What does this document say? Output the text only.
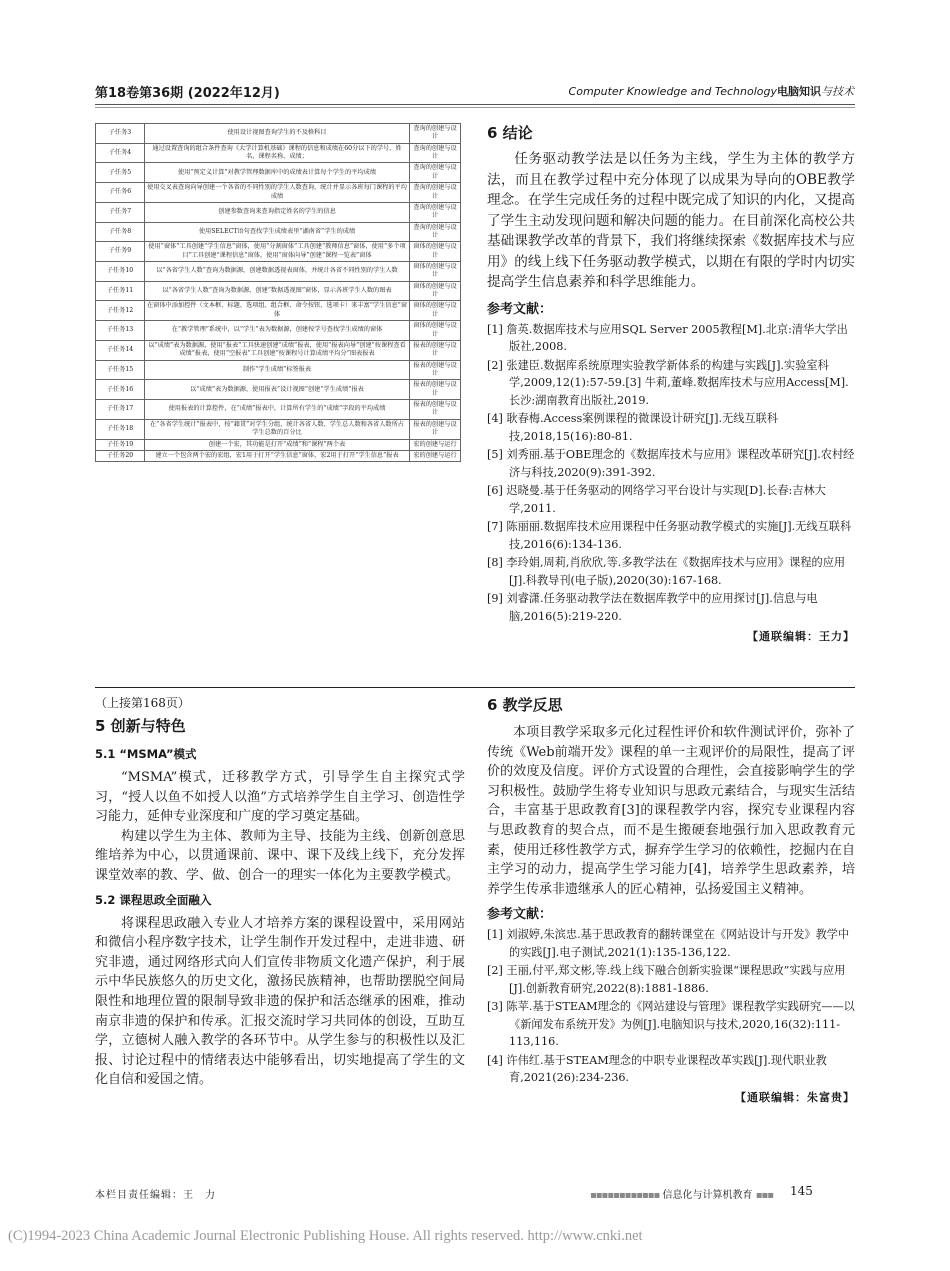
第18卷第36期 (2022年12月)	Computer Knowledge and Technology电脑知识与技术
子任务3	使用设计视图查询学生的不及格科目	查询的创建与设计
子任务4	通过设置查询的组合条件查询《大学计算机基础》课程的信息和成绩在60分以下的学号、姓名、课程名称、成绩；	查询的创建与设计
子任务5	使用“预定义计算”对教学管理数据库中的成绩表计算每个学生的平均成绩	查询的创建与设计
子任务6	使用交叉表查询向导创建一个各省的不同性别的学生人数查询，统计并显示各班每门课程的平均成绩	查询的创建与设计
子任务7	创建参数查询来查询指定姓名的学生的信息	查询的创建与设计
子任务8	使用SELECT语句查找学生成绩表里“湖南省”学生的成绩	查询的创建与设计
子任务9	使用“窗体”工具创建“学生信息”窗体，使用“分割窗体”工具创建“教师信息”窗体，使用“多个项目”工具创建“课程信息”窗体，使用“窗体向导”创建“课程一览表”窗体	窗体的创建与设计
子任务10	以“各省学生人数”查询为数据源，创建数据透视表窗体，并统计各省不同性别的学生人数	窗体的创建与设计
子任务11	以“各省学生人数”查询为数据源，创建“数据透视图”窗体，显示各班学生人数的图表	窗体的创建与设计
子任务12	在窗体中添加控件（文本框、标题、选项组、组合框、命令按钮、选项卡）来丰富“学生信息”窗体	窗体的创建与设计
子任务13	在“教学管理”系统中，以“学生”表为数据源，创建按学号查找学生成绩的窗体	窗体的创建与设计
子任务14	以“成绩”表为数据源，使用“报表”工具快速创建“成绩”报表，使用“报表向导”创建“按课程查看成绩”报表，使用“空报表”工具创建“按课程号计算成绩平均分”图表报表	报表的创建与设计
子任务15	制作“学生成绩”标签报表	报表的创建与设计
子任务16	以“成绩”表为数据源，使用报表“设计视图”创建“学生成绩”报表	报表的创建与设计
子任务17	使用报表的计算控件，在“成绩”报表中，计算所有学生的“成绩”字段的平均成绩	报表的创建与设计
子任务18	在“各省学生统计”报表中，按“籍贯”对学生分组，统计各省人数、学生总人数和各省人数所占学生总数的百分比	报表的创建与设计
子任务19	创建一个宏，其功能是打开“成绩”和“课程”两个表	宏的创建与运行
子任务20	建立一个包含两个宏的宏组，宏1用于打开“学生信息”窗体，宏2用于打开“学生信息”报表	宏的创建与运行
6 结论

任务驱动教学法是以任务为主线，学生为主体的教学方法，而且在教学过程中充分体现了以成果为导向的OBE教学理念。在学生完成任务的过程中既完成了知识的内化，又提高了学生主动发现问题和解决问题的能力。在目前深化高校公共基础课教学改革的背景下，我们将继续探索《数据库技术与应用》的线上线下任务驱动教学模式，以期在有限的学时内切实提高学生信息素养和科学思维能力。

参考文献：
[1] 詹英.数据库技术与应用SQL Server 2005教程[M].北京:清华大学出版社,2008.
[2] 张建臣.数据库系统原理实验教学新体系的构建与实践[J].实验室科学,2009,12(1):57-59.[3] 牛莉,董峰.数据库技术与应用Access[M].长沙:湖南教育出版社,2019.
[4] 耿春梅.Access案例课程的微课设计研究[J].无线互联科技,2018,15(16):80-81.
[5] 刘秀丽.基于OBE理念的《数据库技术与应用》课程改革研究[J].农村经济与科技,2020(9):391-392.
[6] 迟晓曼.基于任务驱动的网络学习平台设计与实现[D].长春:吉林大学,2011.
[7] 陈丽丽.数据库技术应用课程中任务驱动教学模式的实施[J].无线互联科技,2016(6):134-136.
[8] 李玲娟,周莉,肖欣欣,等.多教学法在《数据库技术与应用》课程的应用[J].科教导刊(电子版),2020(30):167-168.
[9] 刘睿潇.任务驱动教学法在数据库教学中的应用探讨[J].信息与电脑,2016(5):219-220.
【通联编辑：王力】
（上接第168页）
5 创新与特色
5.1 “MSMA”模式

“MSMA”模式，迁移教学方式，引导学生自主探究式学习，“授人以鱼不如授人以渔”方式培养学生自主学习、创造性学习能力，延伸专业深度和广度的学习奠定基础。

构建以学生为主体、教师为主导、技能为主线、创新创意思维培养为中心，以贯通课前、课中、课下及线上线下，充分发挥课堂效率的教、学、做、创合一的理实一体化为主要教学模式。

5.2 课程思政全面融入

将课程思政融入专业人才培养方案的课程设置中，采用网站和微信小程序数字技术，让学生制作开发过程中，走进非遗、研究非遗，通过网络形式向人们宣传非物质文化遗产保护，利于展示中华民族悠久的历史文化，激扬民族精神，也帮助摆脱空间局限性和地理位置的限制导致非遗的保护和活态继承的困难，推动南京非遗的保护和传承。汇报交流时学习共同体的创设，互助互学，立德树人融入教学的各环节中。从学生参与的积极性以及汇报、讨论过程中的情绪表达中能够看出，切实地提高了学生的文化自信和爱国之情。

6 教学反思

本项目教学采取多元化过程性评价和软件测试评价，弥补了传统《Web前端开发》课程的单一主观评价的局限性，提高了评价的效度及信度。评价方式设置的合理性，会直接影响学生的学习积极性。鼓励学生将专业知识与思政元素结合，与现实生活结合，丰富基于思政教育[3]的课程教学内容，探究专业课程内容与思政教育的契合点，而不是生搬硬套地强行加入思政教育元素，使用迁移性教学方式，摒弃学生学习的依赖性，挖掘内在自主学习的动力，提高学生学习能力[4]，培养学生思政素养，培养学生传承非遗继承人的匠心精神，弘扬爱国主义精神。

参考文献：
[1] 刘淑婷,朱滨忠.基于思政教育的翻转课堂在《网站设计与开发》教学中的实践[J].电子测试,2021(1):135-136,122.
[2] 王丽,付平,郑文彬,等.线上线下融合创新实验课“课程思政”实践与应用[J].创新教育研究,2022(8):1881-1886.
[3] 陈苹.基于STEAM理念的《网站建设与管理》课程教学实践研究——以《新闻发布系统开发》为例[J].电脑知识与技术,2020,16(32):111-113,116.
[4] 许伟红.基于STEAM理念的中职专业课程改革实践[J].现代职业教育,2021(26):234-236.
【通联编辑：朱富贵】
本栏目责任编辑：王　力	▪▪▪▪▪▪▪▪▪▪▪▪ 信息化与计算机教育 ▪▪▪ 145
(C)1994-2023 China Academic Journal Electronic Publishing House. All rights reserved. http://www.cnki.net
